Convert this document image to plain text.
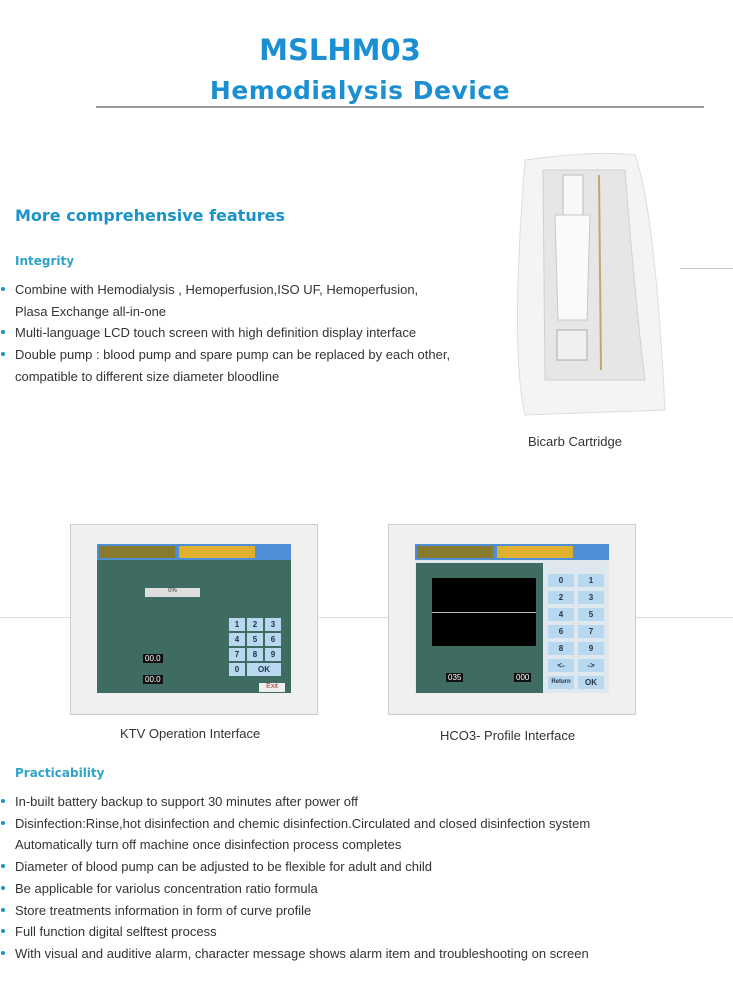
MSLHM03
Hemodialysis Device
More comprehensive features
Integrity
Combine with Hemodialysis , Hemoperfusion,ISO UF, Hemoperfusion,
Plasa Exchange all-in-one
Multi-language LCD touch screen with high definition display interface
Double pump : blood pump and spare pump can be replaced by each other,
compatible to different size diameter bloodline
Bicarb Cartridge
0%
00.0
00.0
1	2	3
4	5	6
7	8	9
0	OK
Exit
KTV Operation Interface
035	000
0	1
2	3
4	5
6	7
8	9
<-	->
Return	OK
HCO3- Profile Interface
Practicability
In-built battery backup to support 30 minutes after power off
Disinfection:Rinse,hot disinfection and chemic disinfection.Circulated and closed disinfection system
Automatically turn off machine once disinfection process completes
Diameter of blood pump can be adjusted to be flexible for adult and child
Be applicable for variolus concentration ratio formula
Store treatments information in form of curve profile
Full function digital selftest process
With visual and auditive alarm, character message shows alarm item and troubleshooting on screen
